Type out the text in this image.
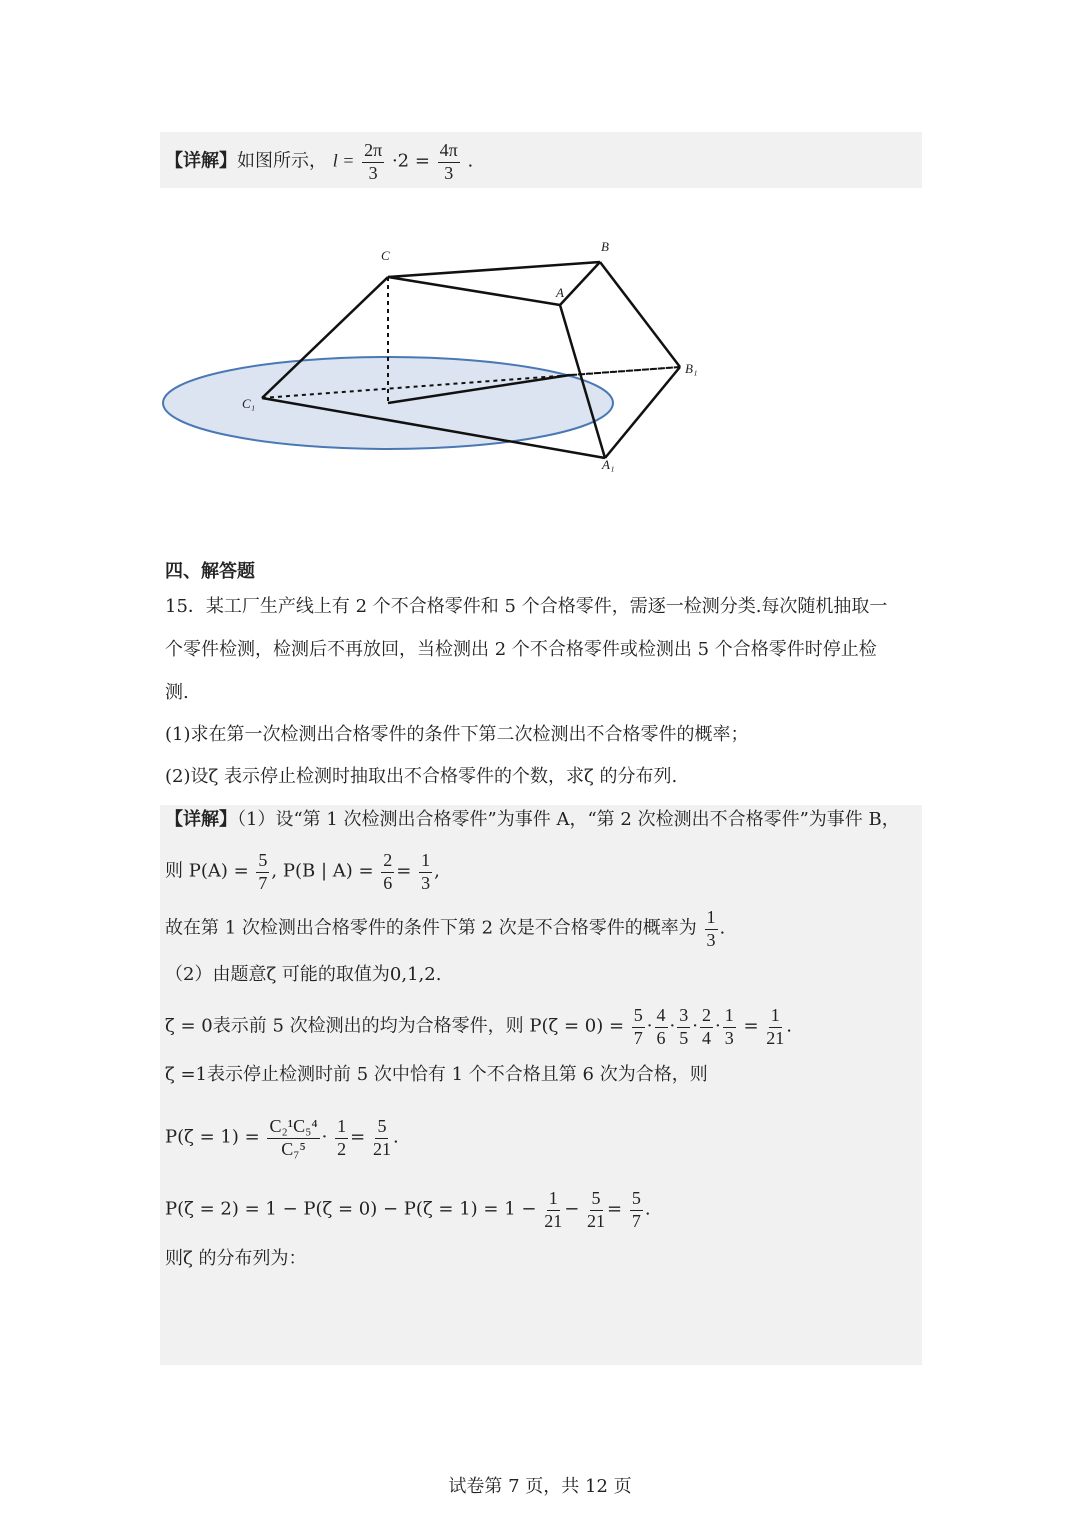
【详解】如图所示， $l = \frac{2\pi}{3} \cdot 2 = \frac{4\pi}{3}$ .
C
B
A
B₁
C₁
A₁
四、解答题
15．某工厂生产线上有 2 个不合格零件和 5 个合格零件，需逐一检测分类.每次随机抽取一
个零件检测，检测后不再放回，当检测出 2 个不合格零件或检测出 5 个合格零件时停止检
测.
(1)求在第一次检测出合格零件的条件下第二次检测出不合格零件的概率；
(2)设ζ 表示停止检测时抽取出不合格零件的个数，求ζ 的分布列.
【详解】（1）设“第 1 次检测出合格零件”为事件 A，“第 2 次检测出不合格零件”为事件 B，
则 $P(A) = \frac{5}{7}$ , P(B | $A) = \frac{2}{6} = \frac{1}{3}$ ,
故在第 1 次检测出合格零件的条件下第 2 次是不合格零件的概率为 $\frac{1}{3}$ .
（2）由题意ζ 可能的取值为0,1,2.
ζ = 0表示前 5 次检测出的均为合格零件，则 $P(\zeta = 0) = \frac{5}{7} \cdot \frac{4}{6} \cdot \frac{3}{5} \cdot \frac{2}{4} \cdot \frac{1}{3} = \frac{1}{21}$ .
ζ =1表示停止检测时前 5 次中恰有 1 个不合格且第 6 次为合格，则
$P(\zeta = 1) = \frac{\text{C₂¹C₅⁴}}{\text{C₇⁵}} \cdot \frac{1}{2} = \frac{5}{21}$ .
$P(\zeta = 2) = 1 - P(\zeta = 0) - P(\zeta = 1) = 1 - \frac{1}{21} - \frac{5}{21} = \frac{5}{7}$ .
则ζ 的分布列为：
试卷第 7 页，共 12 页
